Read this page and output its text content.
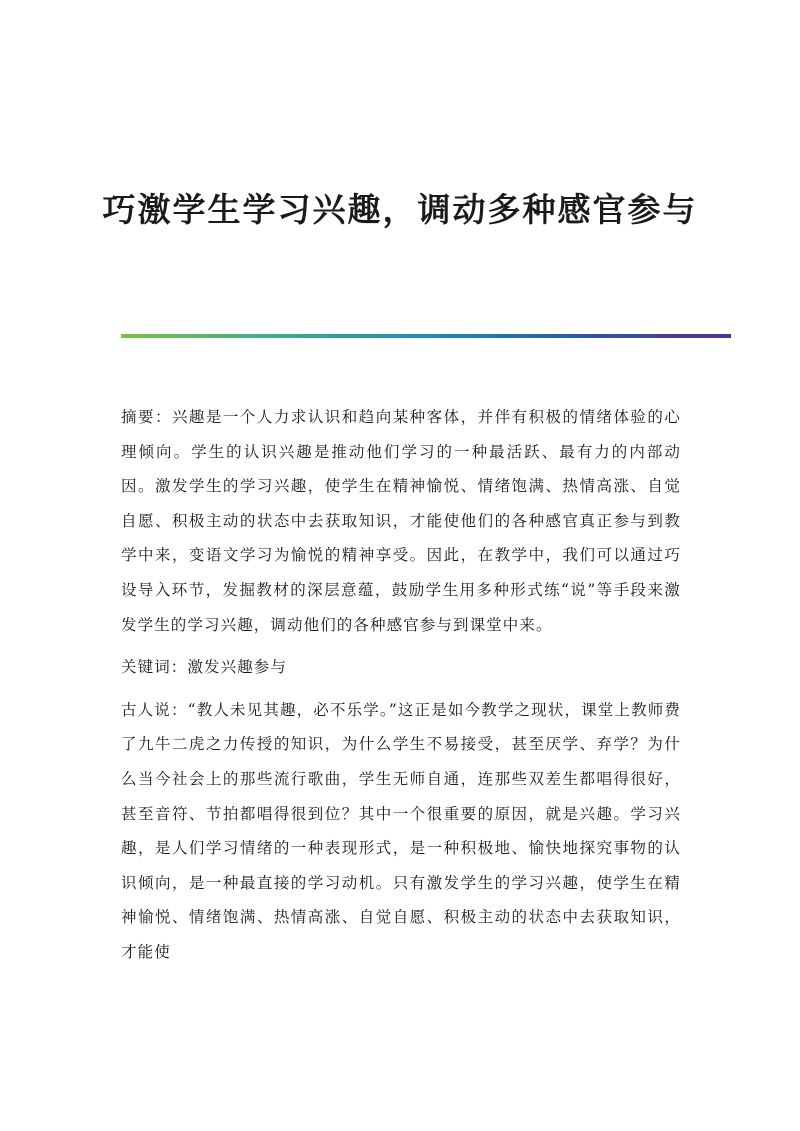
巧激学生学习兴趣，调动多种感官参与

摘要：兴趣是一个人力求认识和趋向某种客体，并伴有积极的情绪体验的心理倾向。学生的认识兴趣是推动他们学习的一种最活跃、最有力的内部动因。激发学生的学习兴趣，使学生在精神愉悦、情绪饱满、热情高涨、自觉自愿、积极主动的状态中去获取知识，才能使他们的各种感官真正参与到教学中来，变语文学习为愉悦的精神享受。因此，在教学中，我们可以通过巧设导入环节，发掘教材的深层意蕴，鼓励学生用多种形式练“说”等手段来激发学生的学习兴趣，调动他们的各种感官参与到课堂中来。

关键词：激发兴趣参与

古人说：“教人未见其趣，必不乐学。”这正是如今教学之现状，课堂上教师费了九牛二虎之力传授的知识，为什么学生不易接受，甚至厌学、弃学？为什么当今社会上的那些流行歌曲，学生无师自通，连那些双差生都唱得很好，甚至音符、节拍都唱得很到位？其中一个很重要的原因，就是兴趣。学习兴趣，是人们学习情绪的一种表现形式，是一种积极地、愉快地探究事物的认识倾向，是一种最直接的学习动机。只有激发学生的学习兴趣，使学生在精神愉悦、情绪饱满、热情高涨、自觉自愿、积极主动的状态中去获取知识，才能使
